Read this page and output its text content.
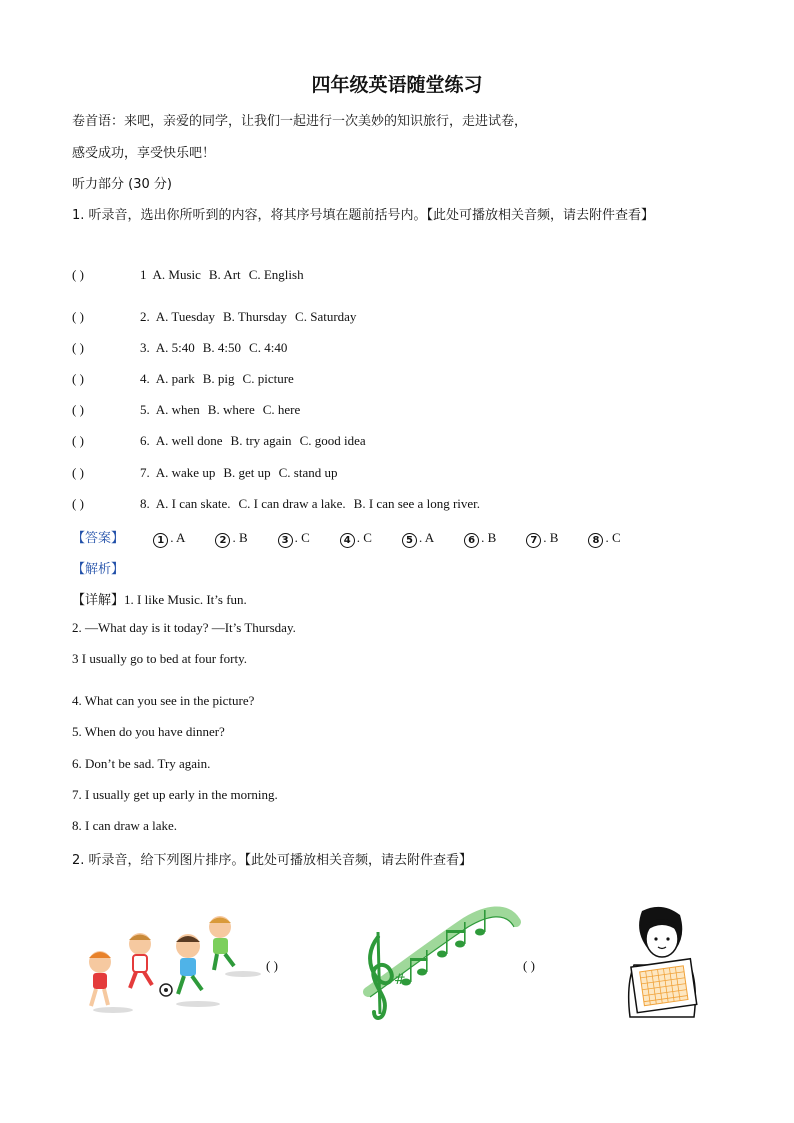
四年级英语随堂练习
卷首语：来吧，亲爱的同学，让我们一起进行一次美妙的知识旅行，走进试卷，
感受成功，享受快乐吧！
听力部分 (30 分)
1. 听录音，选出你所听到的内容，将其序号填在题前括号内。【此处可播放相关音频，请去附件查看】
( )	1 A. Music B. Art C. English
( )	2. A. Tuesday B. Thursday C. Saturday
( )	3. A. 5:40 B. 4:50 C. 4:40
( )	4. A. park B. pig C. picture
( )	5. A. when B. where C. here
( )	6. A. well done B. try again C. good idea
( )	7. A. wake up B. get up C. stand up
( )	8. A. I can skate. C. I can draw a lake. B. I can see a long river.
【答案】	1 . A	2 . B	3 . C	4 . C	5 . A	6 . B	7 . B	8 . C
【解析】
【详解】1. I like Music. It’s fun.
2. —What day is it today? —It’s Thursday.
3 I usually go to bed at four forty.
4. What can you see in the picture?
5. When do you have dinner?
6. Don’t be sad. Try again.
7. I usually get up early in the morning.
8. I can draw a lake.
2. 听录音，给下列图片排序。【此处可播放相关音频，请去附件查看】
( )
#
( )
